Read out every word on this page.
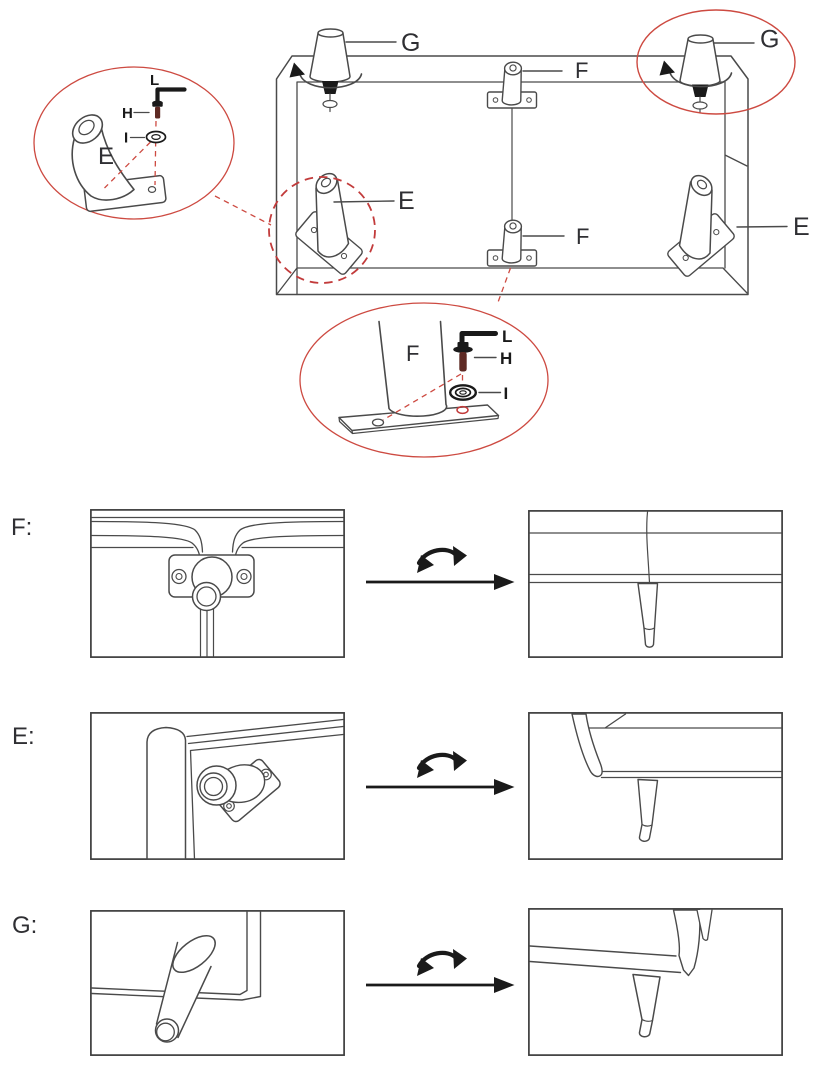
G	G
F
F
E
E
E
L
H
I
F
L
H
I
F:
E:
G:
